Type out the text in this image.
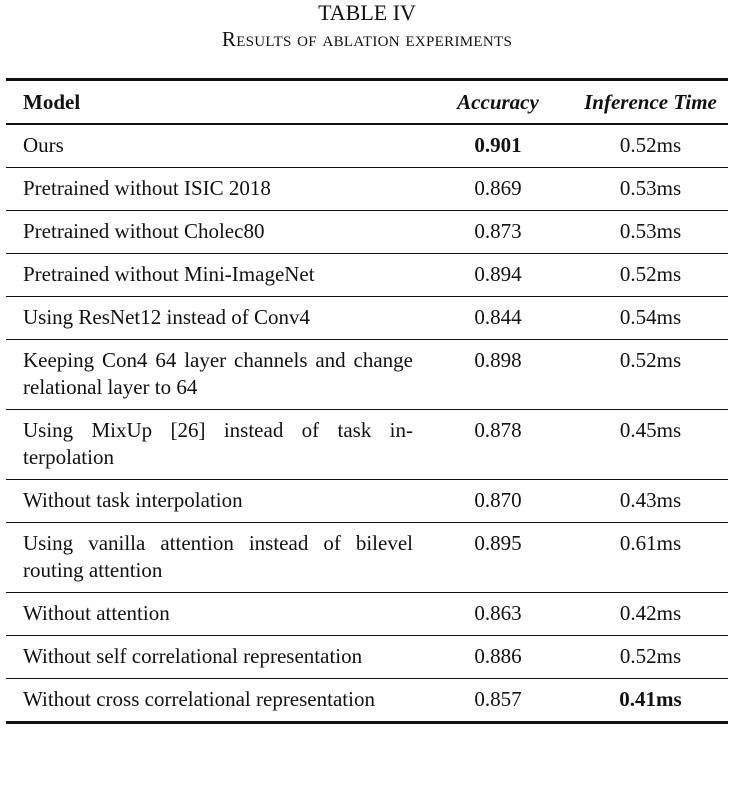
TABLE IV
Results of ablation experiments
Model	Accuracy	Inference Time
Ours	0.901	0.52ms
Pretrained without ISIC 2018	0.869	0.53ms
Pretrained without Cholec80	0.873	0.53ms
Pretrained without Mini-ImageNet	0.894	0.52ms
Using ResNet12 instead of Conv4	0.844	0.54ms
Keeping Con4 64 layer channels and change relational layer to 64	0.898	0.52ms
Using MixUp [26] instead of task interpolation	0.878	0.45ms
Without task interpolation	0.870	0.43ms
Using vanilla attention instead of bilevel routing attention	0.895	0.61ms
Without attention	0.863	0.42ms
Without self correlational representation	0.886	0.52ms
Without cross correlational representation	0.857	0.41ms
